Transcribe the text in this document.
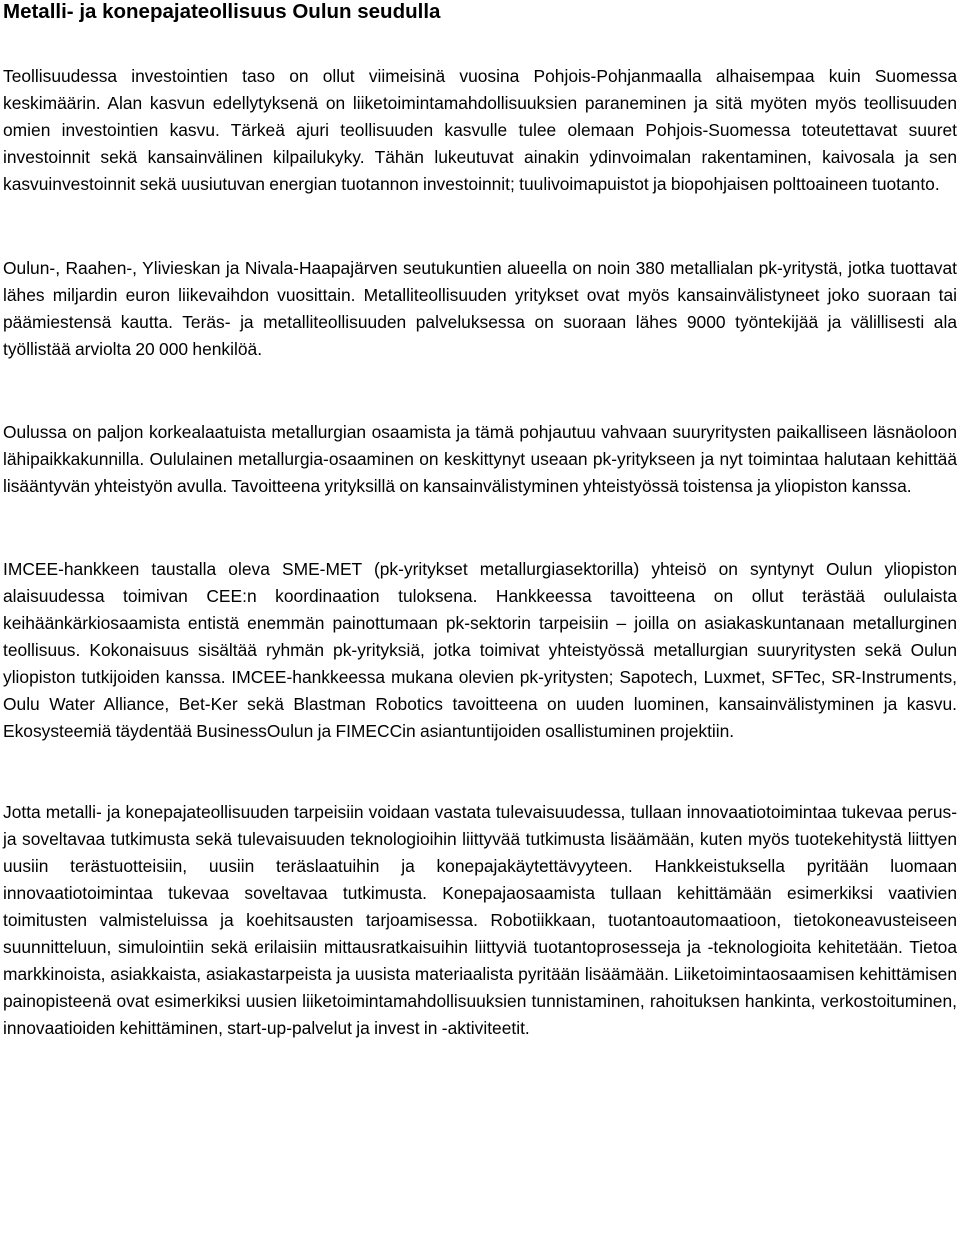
Metalli- ja konepajateollisuus Oulun seudulla

Teollisuudessa investointien taso on ollut viimeisinä vuosina Pohjois-Pohjanmaalla alhaisempaa kuin Suomessa keskimäärin. Alan kasvun edellytyksenä on liiketoimintamahdollisuuksien paraneminen ja sitä myöten myös teollisuuden omien investointien kasvu. Tärkeä ajuri teollisuuden kasvulle tulee olemaan Pohjois-Suomessa toteutettavat suuret investoinnit sekä kansainvälinen kilpailukyky. Tähän lukeutuvat ainakin ydinvoimalan rakentaminen, kaivosala ja sen kasvuinvestoinnit sekä uusiutuvan energian tuotannon investoinnit; tuulivoimapuistot ja biopohjaisen polttoaineen tuotanto.

Oulun-, Raahen-, Ylivieskan ja Nivala-Haapajärven seutukuntien alueella on noin 380 metallialan pk-yritystä, jotka tuottavat lähes miljardin euron liikevaihdon vuosittain. Metalliteollisuuden yritykset ovat myös kansainvälistyneet joko suoraan tai päämiestensä kautta. Teräs- ja metalliteollisuuden palveluksessa on suoraan lähes 9000 työntekijää ja välillisesti ala työllistää arviolta 20 000 henkilöä.

Oulussa on paljon korkealaatuista metallurgian osaamista ja tämä pohjautuu vahvaan suuryritysten paikalliseen läsnäoloon lähipaikkakunnilla. Oululainen metallurgia-osaaminen on keskittynyt useaan pk-yritykseen ja nyt toimintaa halutaan kehittää lisääntyvän yhteistyön avulla. Tavoitteena yrityksillä on kansainvälistyminen yhteistyössä toistensa ja yliopiston kanssa.

IMCEE-hankkeen taustalla oleva SME-MET (pk-yritykset metallurgiasektorilla) yhteisö on syntynyt Oulun yliopiston alaisuudessa toimivan CEE:n koordinaation tuloksena. Hankkeessa tavoitteena on ollut terästää oululaista keihäänkärkiosaamista entistä enemmän painottumaan pk-sektorin tarpeisiin – joilla on asiakaskuntanaan metallurginen teollisuus. Kokonaisuus sisältää ryhmän pk-yrityksiä, jotka toimivat yhteistyössä metallurgian suuryritysten sekä Oulun yliopiston tutkijoiden kanssa. IMCEE-hankkeessa mukana olevien pk-yritysten; Sapotech, Luxmet, SFTec, SR-Instruments, Oulu Water Alliance, Bet-Ker sekä Blastman Robotics tavoitteena on uuden luominen, kansainvälistyminen ja kasvu. Ekosysteemiä täydentää BusinessOulun ja FIMECCin asiantuntijoiden osallistuminen projektiin.

Jotta metalli- ja konepajateollisuuden tarpeisiin voidaan vastata tulevaisuudessa, tullaan innovaatiotoimintaa tukevaa perus- ja soveltavaa tutkimusta sekä tulevaisuuden teknologioihin liittyvää tutkimusta lisäämään, kuten myös tuotekehitystä liittyen uusiin terästuotteisiin, uusiin teräslaatuihin ja konepajakäytettävyyteen. Hankkeistuksella pyritään luomaan innovaatiotoimintaa tukevaa soveltavaa tutkimusta. Konepajaosaamista tullaan kehittämään esimerkiksi vaativien toimitusten valmisteluissa ja koehitsausten tarjoamisessa. Robotiikkaan, tuotantoautomaatioon, tietokoneavusteiseen suunnitteluun, simulointiin sekä erilaisiin mittausratkaisuihin liittyviä tuotantoprosesseja ja -teknologioita kehitetään. Tietoa markkinoista, asiakkaista, asiakastarpeista ja uusista materiaalista pyritään lisäämään. Liiketoimintaosaamisen kehittämisen painopisteenä ovat esimerkiksi uusien liiketoimintamahdollisuuksien tunnistaminen, rahoituksen hankinta, verkostoituminen, innovaatioiden kehittäminen, start-up-palvelut ja invest in -aktiviteetit.
